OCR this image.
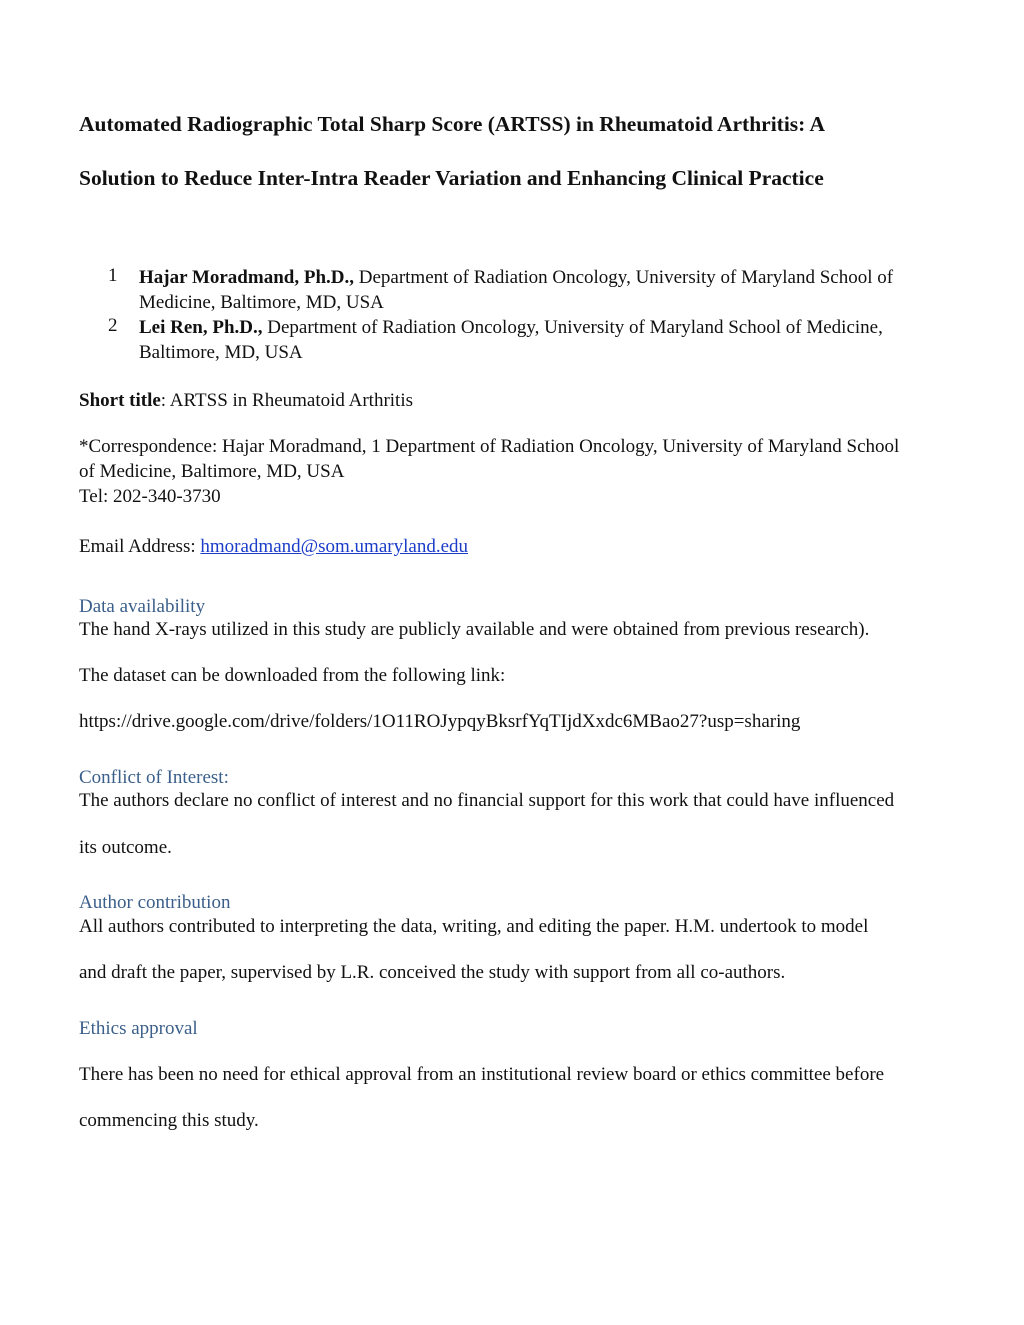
Automated Radiographic Total Sharp Score (ARTSS) in Rheumatoid Arthritis: A
Solution to Reduce Inter-Intra Reader Variation and Enhancing Clinical Practice
1 Hajar Moradmand, Ph.D., Department of Radiation Oncology, University of Maryland School of
Medicine, Baltimore, MD, USA
2 Lei Ren, Ph.D., Department of Radiation Oncology, University of Maryland School of Medicine,
Baltimore, MD, USA
Short title: ARTSS in Rheumatoid Arthritis
*Correspondence: Hajar Moradmand, 1 Department of Radiation Oncology, University of Maryland School
of Medicine, Baltimore, MD, USA
Tel: 202-340-3730
Email Address: hmoradmand@som.umaryland.edu
Data availability
The hand X-rays utilized in this study are publicly available and were obtained from previous research).
The dataset can be downloaded from the following link:
https://drive.google.com/drive/folders/1O11ROJypqyBksrfYqTIjdXxdc6MBao27?usp=sharing
Conflict of Interest:
The authors declare no conflict of interest and no financial support for this work that could have influenced
its outcome.
Author contribution
All authors contributed to interpreting the data, writing, and editing the paper. H.M. undertook to model
and draft the paper, supervised by L.R. conceived the study with support from all co-authors.
Ethics approval
There has been no need for ethical approval from an institutional review board or ethics committee before
commencing this study.
